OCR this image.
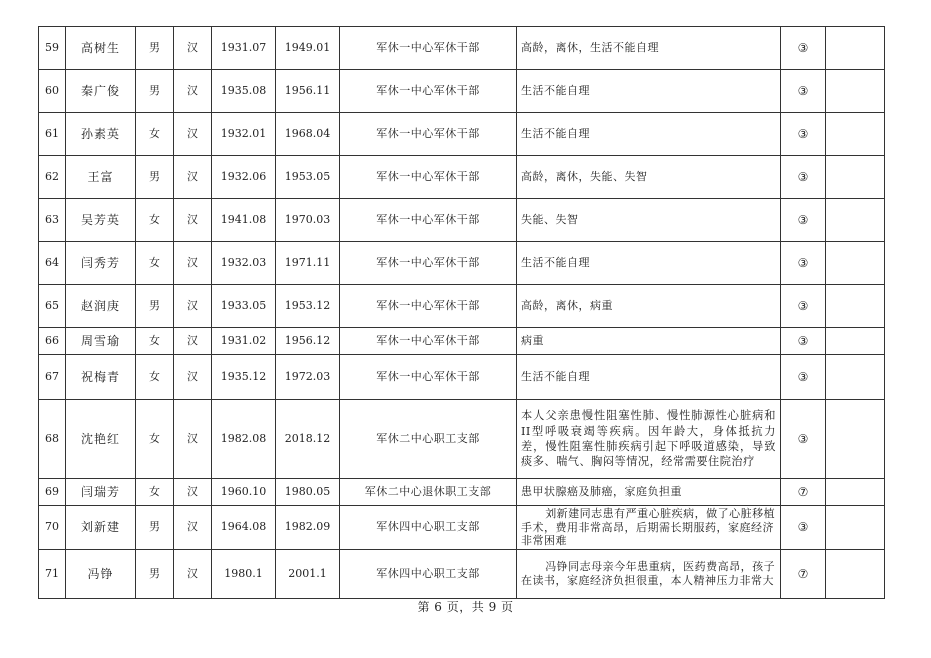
59	高树生	男	汉	1931.07	1949.01	军休一中心军休干部	高龄，离休，生活不能自理	③	
60	秦广俊	男	汉	1935.08	1956.11	军休一中心军休干部	生活不能自理	③	
61	孙素英	女	汉	1932.01	1968.04	军休一中心军休干部	生活不能自理	③	
62	王富	男	汉	1932.06	1953.05	军休一中心军休干部	高龄，离休，失能、失智	③	
63	吴芳英	女	汉	1941.08	1970.03	军休一中心军休干部	失能、失智	③	
64	闫秀芳	女	汉	1932.03	1971.11	军休一中心军休干部	生活不能自理	③	
65	赵润庚	男	汉	1933.05	1953.12	军休一中心军休干部	高龄，离休，病重	③	
66	周雪瑜	女	汉	1931.02	1956.12	军休一中心军休干部	病重	③	
67	祝梅青	女	汉	1935.12	1972.03	军休一中心军休干部	生活不能自理	③	
68	沈艳红	女	汉	1982.08	2018.12	军休二中心职工支部	本人父亲患慢性阻塞性肺、慢性肺源性心脏病和II型呼吸衰竭等疾病。因年龄大，身体抵抗力差，慢性阻塞性肺疾病引起下呼吸道感染，导致痰多、喘气、胸闷等情况，经常需要住院治疗	③	
69	闫瑞芳	女	汉	1960.10	1980.05	军休二中心退休职工支部	患甲状腺癌及肺癌，家庭负担重	⑦	
70	刘新建	男	汉	1964.08	1982.09	军休四中心职工支部	刘新建同志患有严重心脏疾病，做了心脏移植手术，费用非常高昂，后期需长期服药，家庭经济非常困难	③	
71	冯铮	男	汉	1980.1	2001.1	军休四中心职工支部	冯铮同志母亲今年患重病，医药费高昂，孩子在读书，家庭经济负担很重，本人精神压力非常大	⑦	
第 6 页，共 9 页
